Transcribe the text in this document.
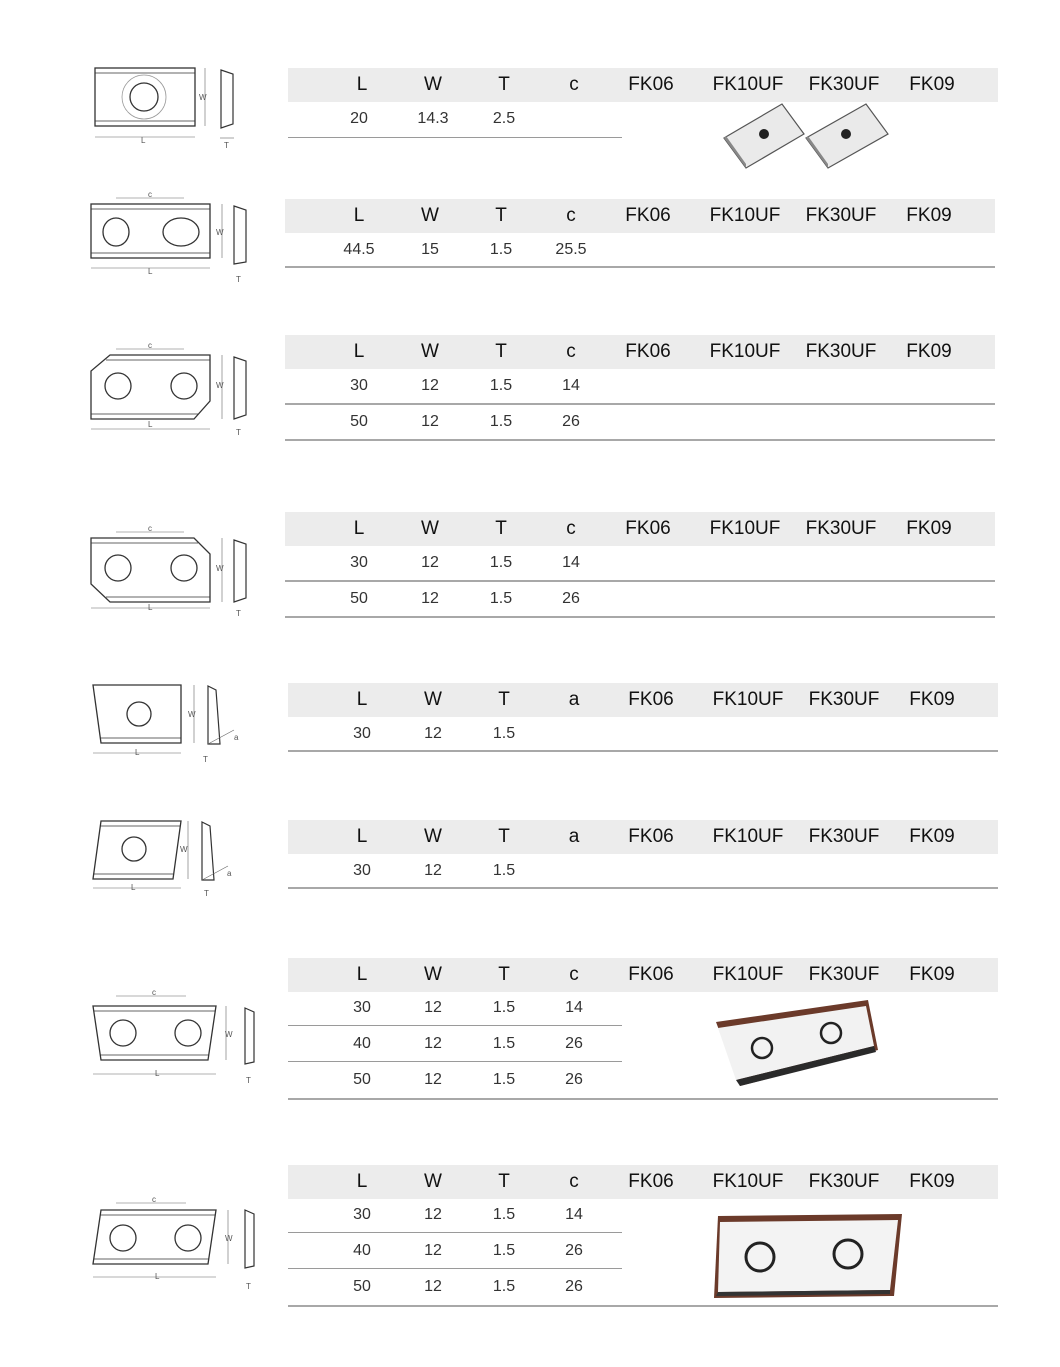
L
W
T
L	W	T	c	FK06 FK10UF FK30UF FK09
20	14.3	2.5
c
L
W
T
L	W	T	c	FK06 FK10UF FK30UF FK09
44.5	15	1.5	25.5
c
L
W
T
L	W	T	c	FK06 FK10UF FK30UF FK09
30	12	1.5	14
50	12	1.5	26
c
L
W
T
L	W	T	c	FK06 FK10UF FK30UF FK09
30	12	1.5	14
50	12	1.5	26
L
W
a
T
L	W	T	a	FK06 FK10UF FK30UF FK09
30	12	1.5
L
W
a
T
L	W	T	a	FK06 FK10UF FK30UF FK09
30	12	1.5
c
L
W
T
L	W	T	c	FK06 FK10UF FK30UF FK09
30	12	1.5	14
40	12	1.5	26
50	12	1.5	26
c
L
W
T
L	W	T	c	FK06 FK10UF FK30UF FK09
30	12	1.5	14
40	12	1.5	26
50	12	1.5	26
